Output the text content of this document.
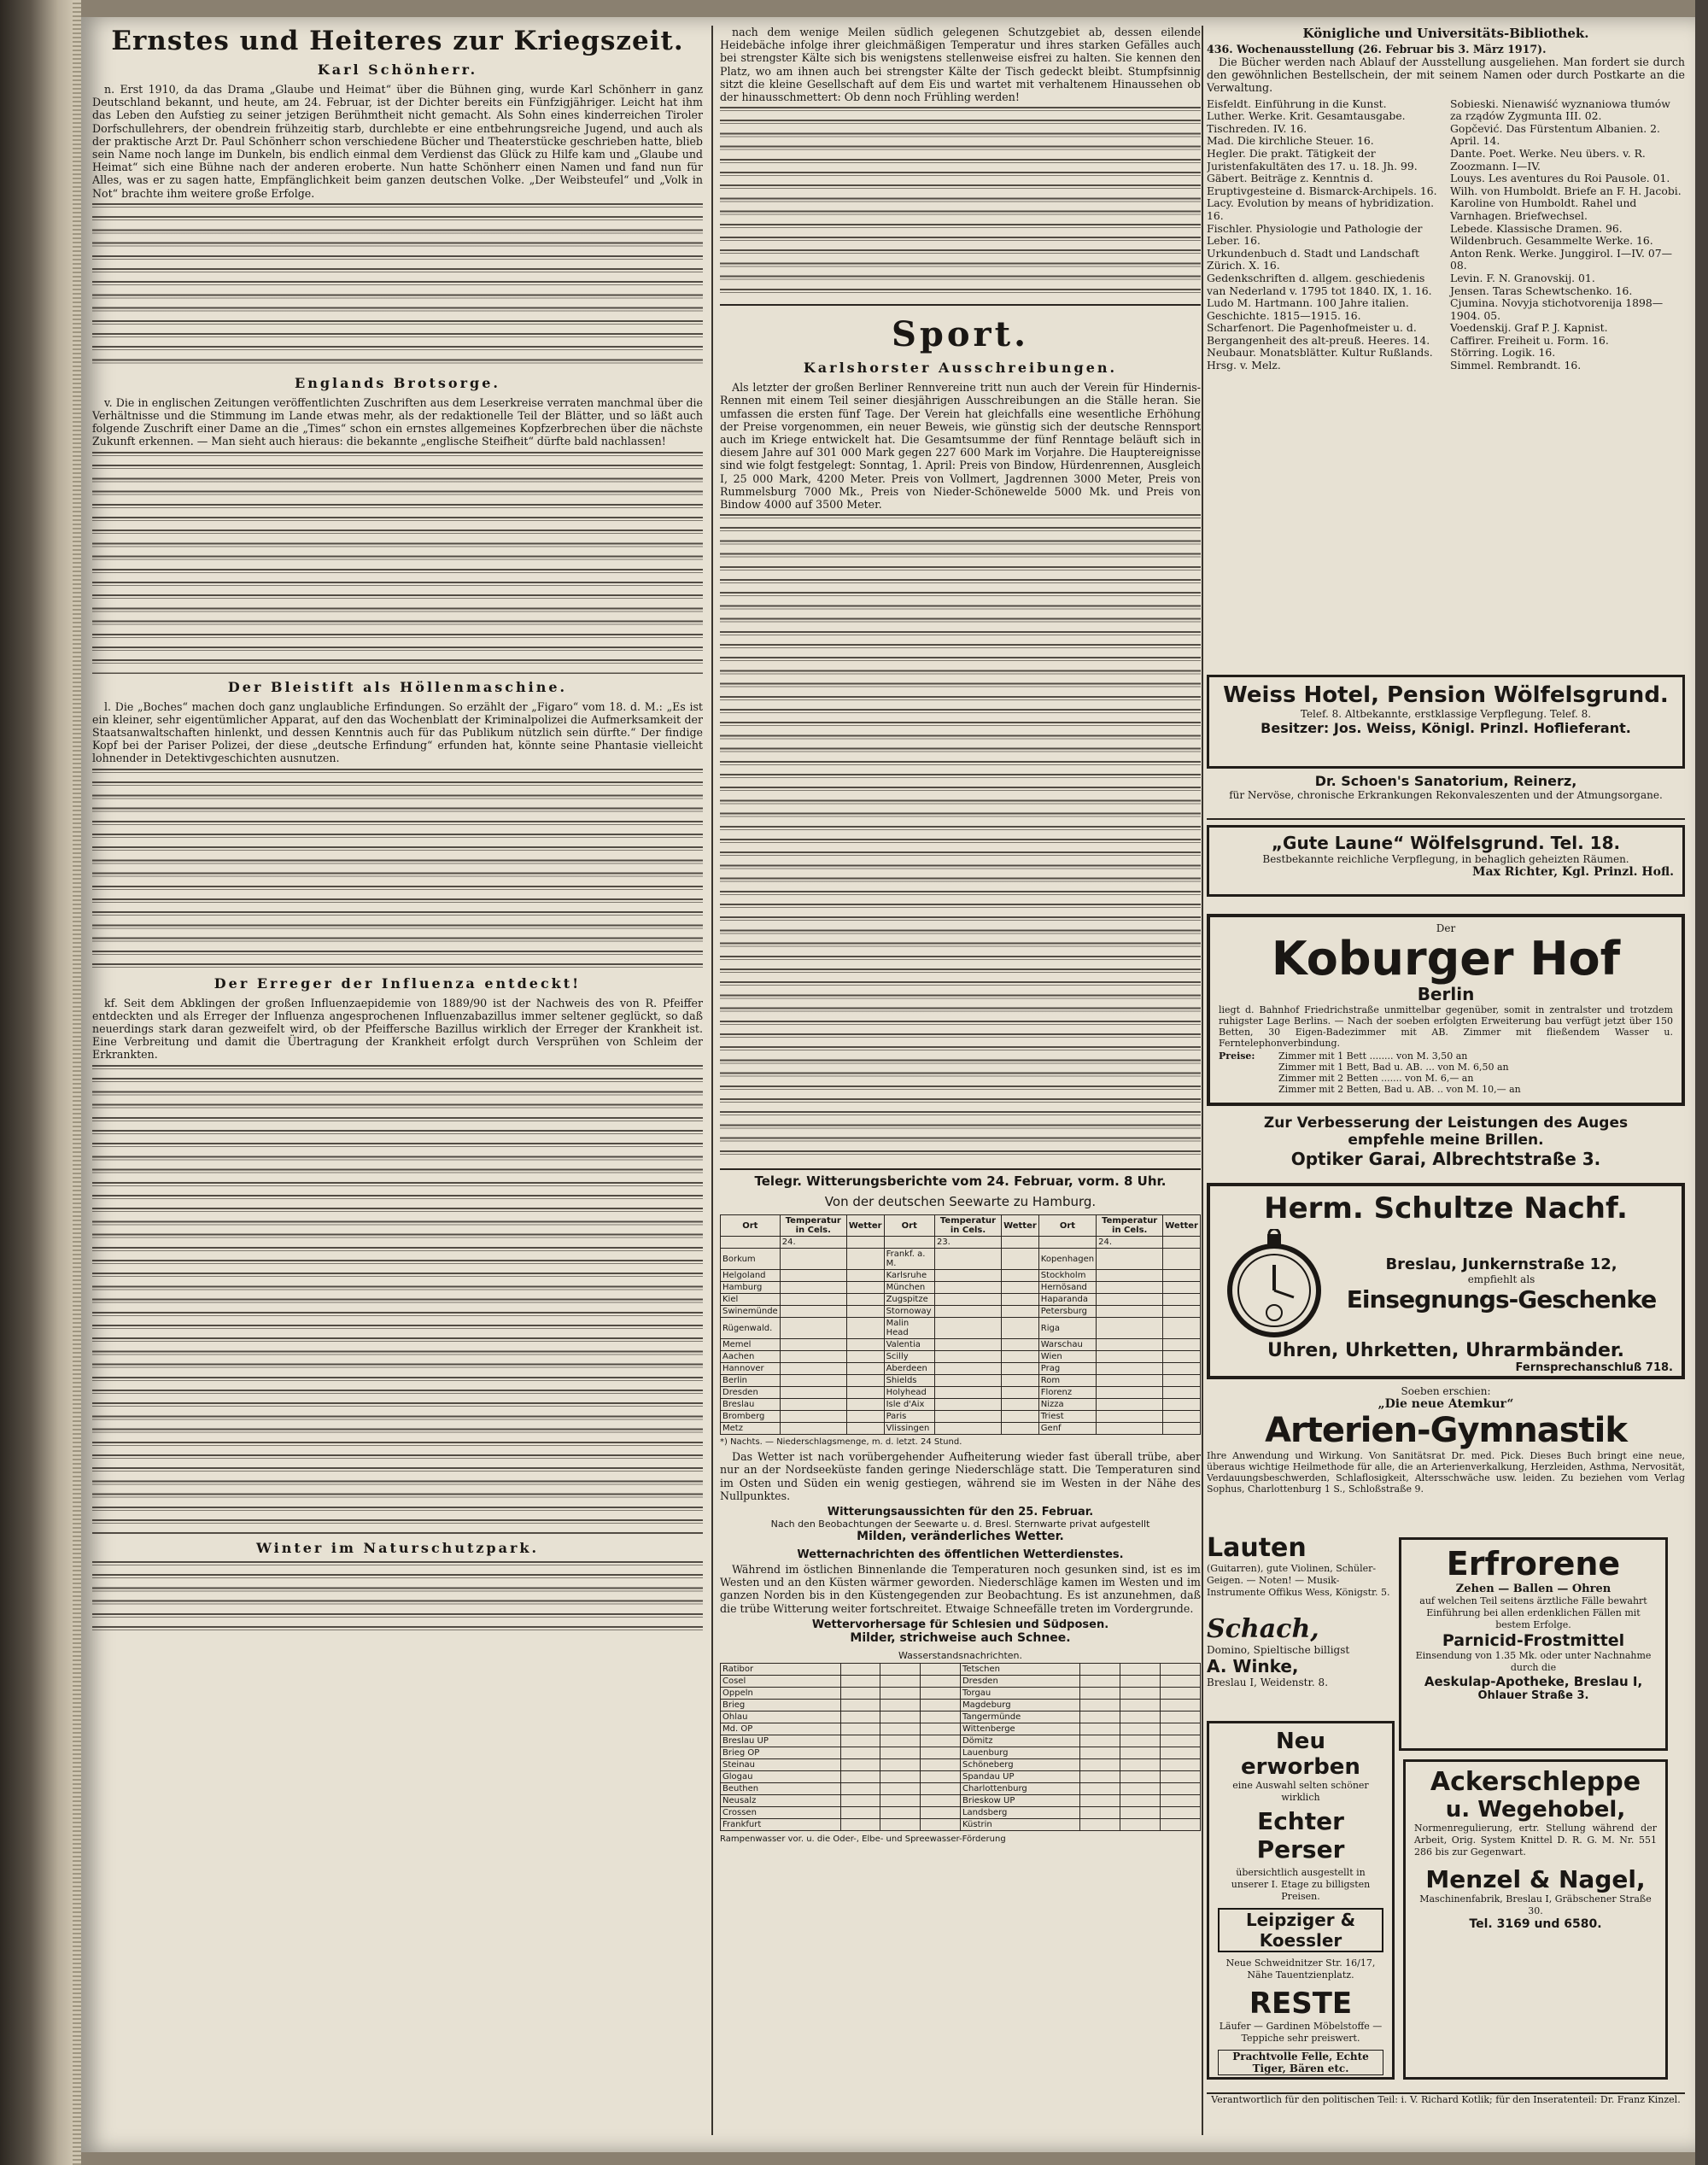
Ernstes und Heiteres zur Kriegszeit.
Karl Schönherr.

n. Erst 1910, da das Drama „Glaube und Heimat“ über die Bühnen ging, wurde Karl Schönherr in ganz Deutschland bekannt, und heute, am 24. Februar, ist der Dichter bereits ein Fünfzigjähriger. Leicht hat ihm das Leben den Aufstieg zu seiner jetzigen Berühmtheit nicht gemacht. Als Sohn eines kinderreichen Tiroler Dorfschullehrers, der obendrein frühzeitig starb, durchlebte er eine entbehrungsreiche Jugend, und auch als der praktische Arzt Dr. Paul Schönherr schon verschiedene Bücher und Theaterstücke geschrieben hatte, blieb sein Name noch lange im Dunkeln, bis endlich einmal dem Verdienst das Glück zu Hilfe kam und „Glaube und Heimat“ sich eine Bühne nach der anderen eroberte. Nun hatte Schönherr einen Namen und fand nun für Alles, was er zu sagen hatte, Empfänglichkeit beim ganzen deutschen Volke. „Der Weibsteufel“ und „Volk in Not“ brachte ihm weitere große Erfolge.

Englands Brotsorge.

v. Die in englischen Zeitungen veröffentlichten Zuschriften aus dem Leserkreise verraten manchmal über die Verhältnisse und die Stimmung im Lande etwas mehr, als der redaktionelle Teil der Blätter, und so läßt auch folgende Zuschrift einer Dame an die „Times“ schon ein ernstes allgemeines Kopfzerbrechen über die nächste Zukunft erkennen. — Man sieht auch hieraus: die bekannte „englische Steifheit“ dürfte bald nachlassen!

Der Bleistift als Höllenmaschine.

l. Die „Boches“ machen doch ganz unglaubliche Erfindungen. So erzählt der „Figaro“ vom 18. d. M.: „Es ist ein kleiner, sehr eigentümlicher Apparat, auf den das Wochenblatt der Kriminalpolizei die Aufmerksamkeit der Staatsanwaltschaften hinlenkt, und dessen Kenntnis auch für das Publikum nützlich sein dürfte.“ Der findige Kopf bei der Pariser Polizei, der diese „deutsche Erfindung“ erfunden hat, könnte seine Phantasie vielleicht lohnender in Detektivgeschichten ausnutzen.

Der Erreger der Influenza entdeckt!

kf. Seit dem Abklingen der großen Influenzaepidemie von 1889/90 ist der Nachweis des von R. Pfeiffer entdeckten und als Erreger der Influenza angesprochenen Influenzabazillus immer seltener geglückt, so daß neuerdings stark daran gezweifelt wird, ob der Pfeiffersche Bazillus wirklich der Erreger der Krankheit ist. Eine Verbreitung und damit die Übertragung der Krankheit erfolgt durch Versprühen von Schleim der Erkrankten.

Winter im Naturschutzpark.

nach dem wenige Meilen südlich gelegenen Schutzgebiet ab, dessen eilende Heidebäche infolge ihrer gleichmäßigen Temperatur und ihres starken Gefälles auch bei strengster Kälte sich bis wenigstens stellenweise eisfrei zu halten. Sie kennen den Platz, wo am ihnen auch bei strengster Kälte der Tisch gedeckt bleibt. Stumpfsinnig sitzt die kleine Gesellschaft auf dem Eis und wartet mit verhaltenem Hinaussehen ob der hinausschmettert: Ob denn noch Frühling werden!

Sport.
Karlshorster Ausschreibungen.

Als letzter der großen Berliner Rennvereine tritt nun auch der Verein für Hindernis-Rennen mit einem Teil seiner diesjährigen Ausschreibungen an die Ställe heran. Sie umfassen die ersten fünf Tage. Der Verein hat gleichfalls eine wesentliche Erhöhung der Preise vorgenommen, ein neuer Beweis, wie günstig sich der deutsche Rennsport auch im Kriege entwickelt hat. Die Gesamtsumme der fünf Renntage beläuft sich in diesem Jahre auf 301 000 Mark gegen 227 600 Mark im Vorjahre. Die Hauptereignisse sind wie folgt festgelegt: Sonntag, 1. April: Preis von Bindow, Hürdenrennen, Ausgleich I, 25 000 Mark, 4200 Meter. Preis von Vollmert, Jagdrennen 3000 Meter, Preis von Rummelsburg 7000 Mk., Preis von Nieder-Schönewelde 5000 Mk. und Preis von Bindow 4000 auf 3500 Meter.

Telegr. Witterungsberichte vom 24. Februar, vorm. 8 Uhr.
Von der deutschen Seewarte zu Hamburg.
Ort	Temperatur in Cels.	Wetter	Ort	Temperatur in Cels.	Wetter	Ort	Temperatur in Cels.	Wetter
	24.			23.			24.	
Borkum			Frankf. a. M.			Kopenhagen		
Helgoland			Karlsruhe			Stockholm		
Hamburg			München			Hernösand		
Kiel			Zugspitze			Haparanda		
Swinemünde			Stornoway			Petersburg		
Rügenwald.			Malin Head			Riga		
Memel			Valentia			Warschau		
Aachen			Scilly			Wien		
Hannover			Aberdeen			Prag		
Berlin			Shields			Rom		
Dresden			Holyhead			Florenz		
Breslau			Isle d'Aix			Nizza		
Bromberg			Paris			Triest		
Metz			Vlissingen			Genf		
*) Nachts. — Niederschlagsmenge, m. d. letzt. 24 Stund.

Das Wetter ist nach vorübergehender Aufheiterung wieder fast überall trübe, aber nur an der Nordseeküste fanden geringe Niederschläge statt. Die Temperaturen sind im Osten und Süden ein wenig gestiegen, während sie im Westen in der Nähe des Nullpunktes.

Witterungsaussichten für den 25. Februar.
Nach den Beobachtungen der Seewarte u. d. Bresl. Sternwarte privat aufgestellt
Milden, veränderliches Wetter.
Wetternachrichten des öffentlichen Wetterdienstes.

Während im östlichen Binnenlande die Temperaturen noch gesunken sind, ist es im Westen und an den Küsten wärmer geworden. Niederschläge kamen im Westen und im ganzen Norden bis in den Küstengegenden zur Beobachtung. Es ist anzunehmen, daß die trübe Witterung weiter fortschreitet. Etwaige Schneefälle treten im Vordergrunde.

Wettervorhersage für Schlesien und Südposen.
Milder, strichweise auch Schnee.
Wasserstandsnachrichten.
Ratibor				Tetschen			
Cosel				Dresden			
Oppeln				Torgau			
Brieg				Magdeburg			
Ohlau				Tangermünde			
Md. OP				Wittenberge			
Breslau UP				Dömitz			
Brieg OP				Lauenburg			
Steinau				Schöneberg			
Glogau				Spandau UP			
Beuthen				Charlottenburg			
Neusalz				Brieskow UP			
Crossen				Landsberg			
Frankfurt				Küstrin			
Rampenwasser vor. u. die Oder-, Elbe- und Spreewasser-Förderung
Königliche und Universitäts-Bibliothek.
436. Wochenausstellung (26. Februar bis 3. März 1917).

Die Bücher werden nach Ablauf der Ausstellung ausgeliehen. Man fordert sie durch den gewöhnlichen Bestellschein, der mit seinem Namen oder durch Postkarte an die Verwaltung.

Eisfeldt. Einführung in die Kunst.
Luther. Werke. Krit. Gesamtausgabe. Tischreden. IV. 16.
Mad. Die kirchliche Steuer. 16.
Hegler. Die prakt. Tätigkeit der Juristenfakultäten des 17. u. 18. Jh. 99.
Gäbert. Beiträge z. Kenntnis d. Eruptivgesteine d. Bismarck-Archipels. 16.
Lacy. Evolution by means of hybridization. 16.
Fischler. Physiologie und Pathologie der Leber. 16.
Urkundenbuch d. Stadt und Landschaft Zürich. X. 16.
Gedenkschriften d. allgem. geschiedenis van Nederland v. 1795 tot 1840. IX, 1. 16.
Ludo M. Hartmann. 100 Jahre italien. Geschichte. 1815—1915. 16.
Scharfenort. Die Pagenhofmeister u. d. Bergangenheit des alt-preuß. Heeres. 14.
Neubaur. Monatsblätter. Kultur Rußlands. Hrsg. v. Melz.
Sobieski. Nienawiść wyznaniowa tłumów za rządów Zygmunta III. 02.
Gopčević. Das Fürstentum Albanien. 2. April. 14.
Dante. Poet. Werke. Neu übers. v. R. Zoozmann. I—IV.
Louys. Les aventures du Roi Pausole. 01.
Wilh. von Humboldt. Briefe an F. H. Jacobi.
Karoline von Humboldt. Rahel und Varnhagen. Briefwechsel.
Lebede. Klassische Dramen. 96.
Wildenbruch. Gesammelte Werke. 16.
Anton Renk. Werke. Junggirol. I—IV. 07—08.
Levin. F. N. Granovskij. 01.
Jensen. Taras Schewtschenko. 16.
Cjumina. Novyja stichotvorenija 1898—1904. 05.
Voedenskij. Graf P. J. Kapnist.
Caffirer. Freiheit u. Form. 16.
Störring. Logik. 16.
Simmel. Rembrandt. 16.
Weiss Hotel, Pension Wölfelsgrund.
Telef. 8. Altbekannte, erstklassige Verpflegung. Telef. 8.
Besitzer: Jos. Weiss, Königl. Prinzl. Hoflieferant.
Dr. Schoen's Sanatorium, Reinerz,
für Nervöse, chronische Erkrankungen Rekonvaleszenten und der Atmungsorgane.
„Gute Laune“ Wölfelsgrund. Tel. 18.
Bestbekannte reichliche Verpflegung, in behaglich geheizten Räumen.
Max Richter, Kgl. Prinzl. Hofl.
Der
Koburger Hof
Berlin
liegt d. Bahnhof Friedrichstraße unmittelbar gegenüber, somit in zentralster und trotzdem ruhigster Lage Berlins. — Nach der soeben erfolgten Erweiterung bau verfügt jetzt über 150 Betten, 30 Eigen-Badezimmer mit AB. Zimmer mit fließendem Wasser u. Ferntelephonverbindung.
Preise:	Zimmer mit 1 Bett ........ von M. 3,50 an
Zimmer mit 1 Bett, Bad u. AB. ... von M. 6,50 an
Zimmer mit 2 Betten ....... von M. 6,— an
Zimmer mit 2 Betten, Bad u. AB. .. von M. 10,— an
Zur Verbesserung der Leistungen des Auges
empfehle meine Brillen.
Optiker Garai, Albrechtstraße 3.
Herm. Schultze Nachf.
Breslau, Junkernstraße 12,
empfiehlt als
Einsegnungs-Geschenke
Uhren, Uhrketten, Uhrarmbänder.
Fernsprechanschluß 718.
Soeben erschien:
„Die neue Atemkur“
Arterien-Gymnastik
Ihre Anwendung und Wirkung. Von Sanitätsrat Dr. med. Pick. Dieses Buch bringt eine neue, überaus wichtige Heilmethode für alle, die an Arterienverkalkung, Herzleiden, Asthma, Nervosität, Verdauungsbeschwerden, Schlaflosigkeit, Altersschwäche usw. leiden. Zu beziehen vom Verlag Sophus, Charlottenburg 1 S., Schloßstraße 9.
Lauten
(Guitarren), gute Violinen, Schüler-Geigen. — Noten! — Musik-Instrumente Offikus Wess, Königstr. 5.
Schach,
Domino, Spieltische billigst
A. Winke,
Breslau I, Weidenstr. 8.
Erfrorene
Zehen — Ballen — Ohren
auf welchen Teil seitens ärztliche Fälle bewahrt Einführung bei allen erdenklichen Fällen mit bestem Erfolge.
Parnicid-Frostmittel
Einsendung von 1.35 Mk. oder unter Nachnahme durch die
Aeskulap-Apotheke, Breslau I,
Ohlauer Straße 3.
Neu erworben
eine Auswahl selten schöner wirklich
Echter Perser
übersichtlich ausgestellt in unserer I. Etage zu billigsten Preisen.
Leipziger & Koessler
Neue Schweidnitzer Str. 16/17, Nähe Tauentzienplatz.
RESTE
Läufer — Gardinen Möbelstoffe — Teppiche sehr preiswert.
Prachtvolle Felle, Echte Tiger, Bären etc.
Ackerschleppe
u. Wegehobel,
Normenregulierung, ertr. Stellung während der Arbeit, Orig. System Knittel D. R. G. M. Nr. 551 286 bis zur Gegenwart.
Menzel & Nagel,
Maschinenfabrik, Breslau I, Gräbschener Straße 30.
Tel. 3169 und 6580.
Verantwortlich für den politischen Teil: i. V. Richard Kotlik; für den Inseratenteil: Dr. Franz Kinzel.
